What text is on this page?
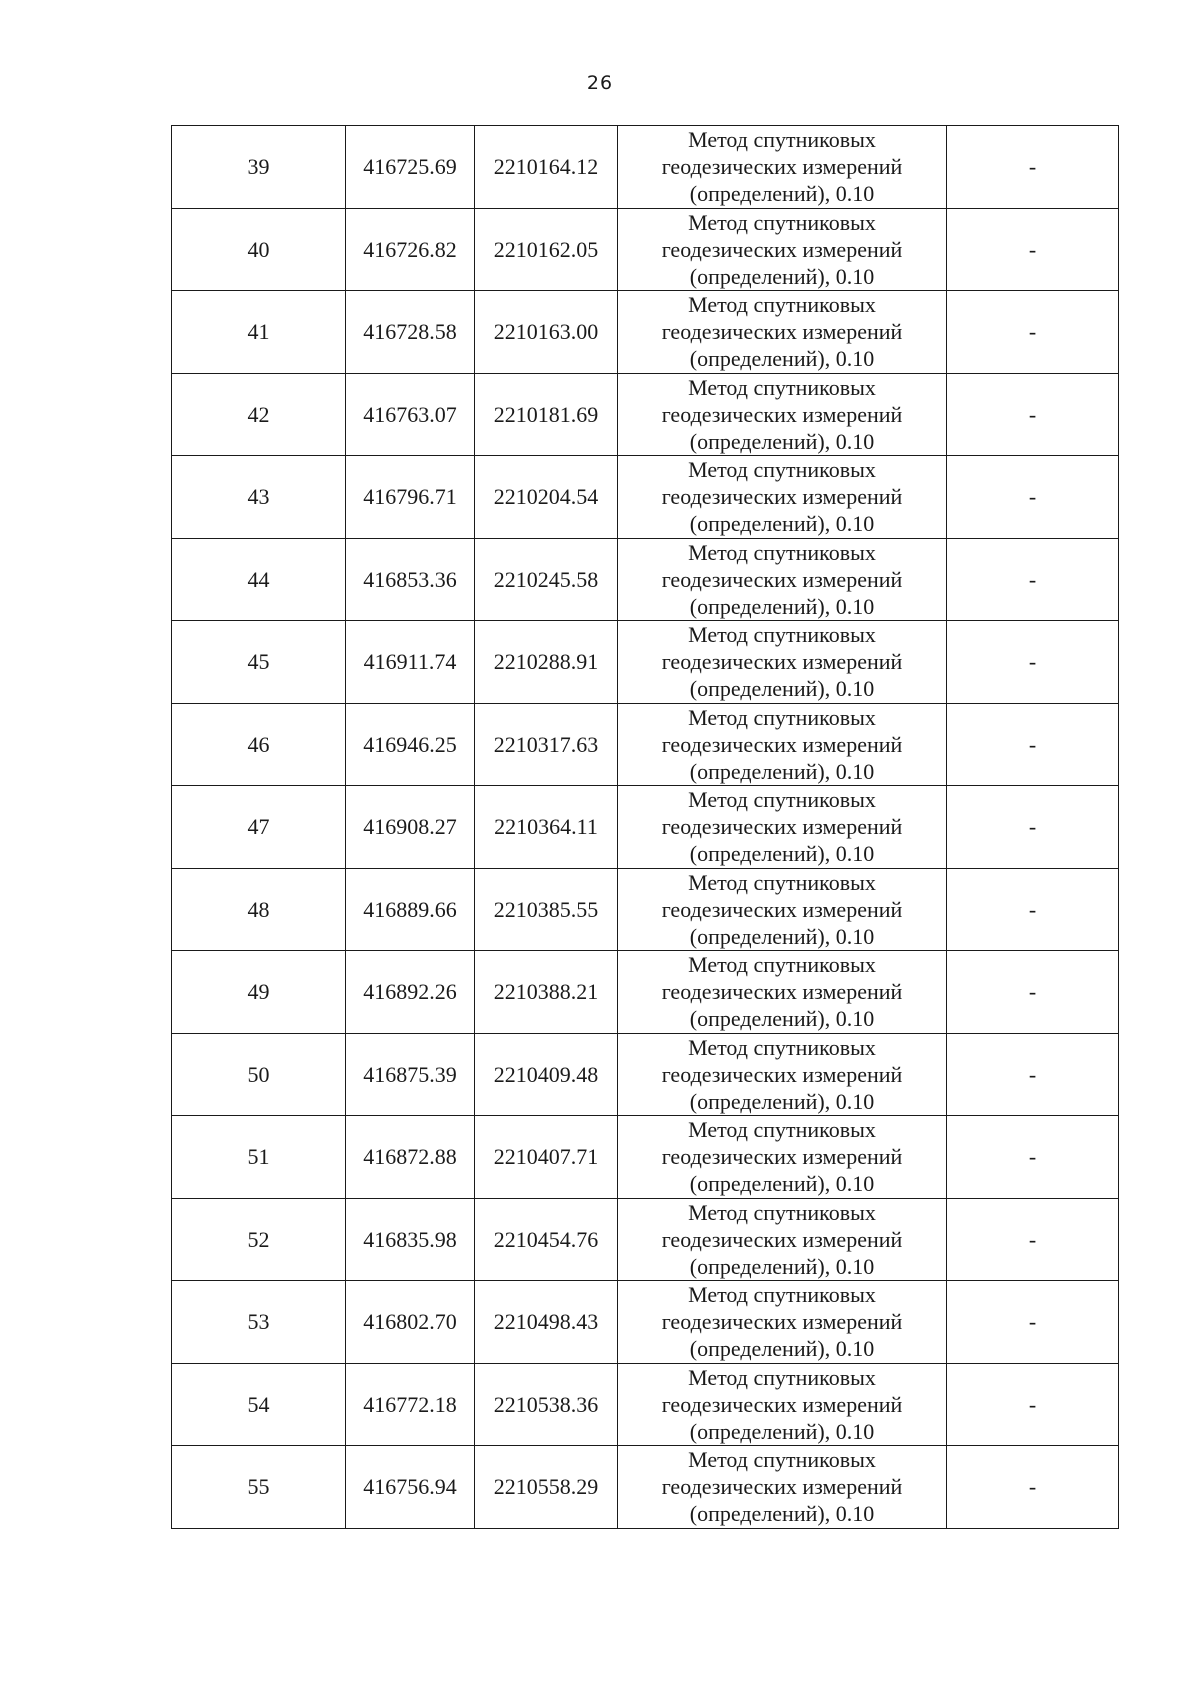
26
39	416725.69	2210164.12	Метод спутниковых
геодезических измерений
(определений), 0.10	-
40	416726.82	2210162.05	Метод спутниковых
геодезических измерений
(определений), 0.10	-
41	416728.58	2210163.00	Метод спутниковых
геодезических измерений
(определений), 0.10	-
42	416763.07	2210181.69	Метод спутниковых
геодезических измерений
(определений), 0.10	-
43	416796.71	2210204.54	Метод спутниковых
геодезических измерений
(определений), 0.10	-
44	416853.36	2210245.58	Метод спутниковых
геодезических измерений
(определений), 0.10	-
45	416911.74	2210288.91	Метод спутниковых
геодезических измерений
(определений), 0.10	-
46	416946.25	2210317.63	Метод спутниковых
геодезических измерений
(определений), 0.10	-
47	416908.27	2210364.11	Метод спутниковых
геодезических измерений
(определений), 0.10	-
48	416889.66	2210385.55	Метод спутниковых
геодезических измерений
(определений), 0.10	-
49	416892.26	2210388.21	Метод спутниковых
геодезических измерений
(определений), 0.10	-
50	416875.39	2210409.48	Метод спутниковых
геодезических измерений
(определений), 0.10	-
51	416872.88	2210407.71	Метод спутниковых
геодезических измерений
(определений), 0.10	-
52	416835.98	2210454.76	Метод спутниковых
геодезических измерений
(определений), 0.10	-
53	416802.70	2210498.43	Метод спутниковых
геодезических измерений
(определений), 0.10	-
54	416772.18	2210538.36	Метод спутниковых
геодезических измерений
(определений), 0.10	-
55	416756.94	2210558.29	Метод спутниковых
геодезических измерений
(определений), 0.10	-
